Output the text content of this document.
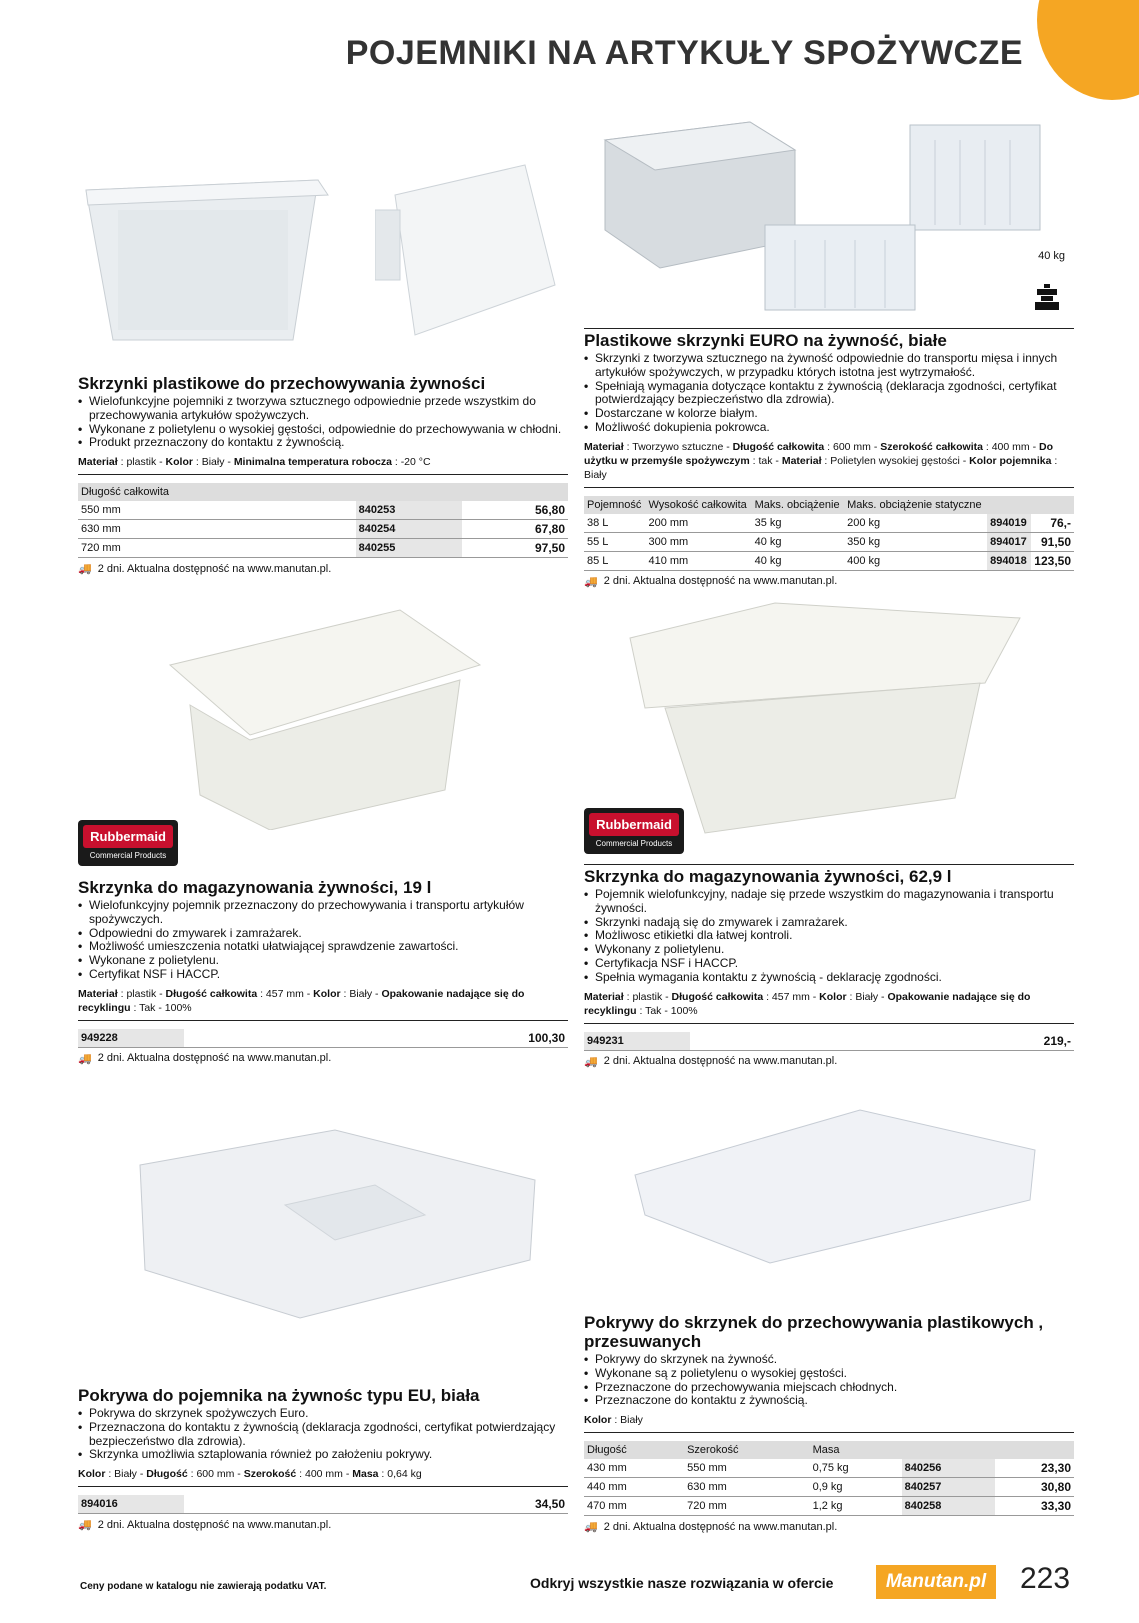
POJEMNIKI NA ARTYKUŁY SPOŻYWCZE
40 kg
Rubbermaid
Commercial Products
Rubbermaid
Commercial Products
Skrzynki plastikowe do przechowywania żywności
• Wielofunkcyjne pojemniki z tworzywa sztucznego odpowiednie przede wszystkim do przechowywania artykułów spożywczych.
• Wykonane z polietylenu o wysokiej gęstości, odpowiednie do przechowywania w chłodni.
• Produkt przeznaczony do kontaktu z żywnością.
Materiał : plastik - Kolor : Biały - Minimalna temperatura robocza : -20 °C
Długość całkowita		
550 mm	840253	56,80
630 mm	840254	67,80
720 mm	840255	97,50
🚚 2 dni. Aktualna dostępność na www.manutan.pl.
Plastikowe skrzynki EURO na żywność, białe
• Skrzynki z tworzywa sztucznego na żywność odpowiednie do transportu mięsa i innych artykułów spożywczych, w przypadku których istotna jest wytrzymałość.
• Spełniają wymagania dotyczące kontaktu z żywnością (deklaracja zgodności, certyfikat potwierdzający bezpieczeństwo dla zdrowia).
• Dostarczane w kolorze białym.
• Możliwość dokupienia pokrowca.
Materiał : Tworzywo sztuczne - Długość całkowita : 600 mm - Szerokość całkowita : 400 mm - Do użytku w przemyśle spożywczym : tak - Materiał : Polietylen wysokiej gęstości - Kolor pojemnika : Biały
Pojemność	Wysokość całkowita	Maks. obciążenie	Maks. obciążenie statyczne		
38 L	200 mm	35 kg	200 kg	894019	76,-
55 L	300 mm	40 kg	350 kg	894017	91,50
85 L	410 mm	40 kg	400 kg	894018	123,50
🚚 2 dni. Aktualna dostępność na www.manutan.pl.
Skrzynka do magazynowania żywności, 19 l
• Wielofunkcyjny pojemnik przeznaczony do przechowywania i transportu artykułów spożywczych.
• Odpowiedni do zmywarek i zamrażarek.
• Możliwość umieszczenia notatki ułatwiającej sprawdzenie zawartości.
• Wykonane z polietylenu.
• Certyfikat NSF i HACCP.
Materiał : plastik - Długość całkowita : 457 mm - Kolor : Biały - Opakowanie nadające się do recyklingu : Tak - 100%
949228	100,30
🚚 2 dni. Aktualna dostępność na www.manutan.pl.
Skrzynka do magazynowania żywności, 62,9 l
• Pojemnik wielofunkcyjny, nadaje się przede wszystkim do magazynowania i transportu żywności.
• Skrzynki nadają się do zmywarek i zamrażarek.
• Możliwosc etikietki dla łatwej kontroli.
• Wykonany z polietylenu.
• Certyfikacja NSF i HACCP.
• Spełnia wymagania kontaktu z żywnością - deklarację zgodności.
Materiał : plastik - Długość całkowita : 457 mm - Kolor : Biały - Opakowanie nadające się do recyklingu : Tak - 100%
949231	219,-
🚚 2 dni. Aktualna dostępność na www.manutan.pl.
Pokrywa do pojemnika na żywnośc typu EU, biała
• Pokrywa do skrzynek spożywczych Euro.
• Przeznaczona do kontaktu z żywnością (deklaracja zgodności, certyfikat potwierdzający bezpieczeństwo dla zdrowia).
• Skrzynka umożliwia sztaplowania również po założeniu pokrywy.
Kolor : Biały - Długość : 600 mm - Szerokość : 400 mm - Masa : 0,64 kg
894016	34,50
🚚 2 dni. Aktualna dostępność na www.manutan.pl.
Pokrywy do skrzynek do przechowywania plastikowych , przesuwanych
• Pokrywy do skrzynek na żywność.
• Wykonane są z polietylenu o wysokiej gęstości.
• Przeznaczone do przechowywania miejscach chłodnych.
• Przeznaczone do kontaktu z żywnością.
Kolor : Biały
Długość	Szerokość	Masa		
430 mm	550 mm	0,75 kg	840256	23,30
440 mm	630 mm	0,9 kg	840257	30,80
470 mm	720 mm	1,2 kg	840258	33,30
🚚 2 dni. Aktualna dostępność na www.manutan.pl.
Ceny podane w katalogu nie zawierają podatku VAT.	Odkryj wszystkie nasze rozwiązania w ofercie	Manutan.pl	223
